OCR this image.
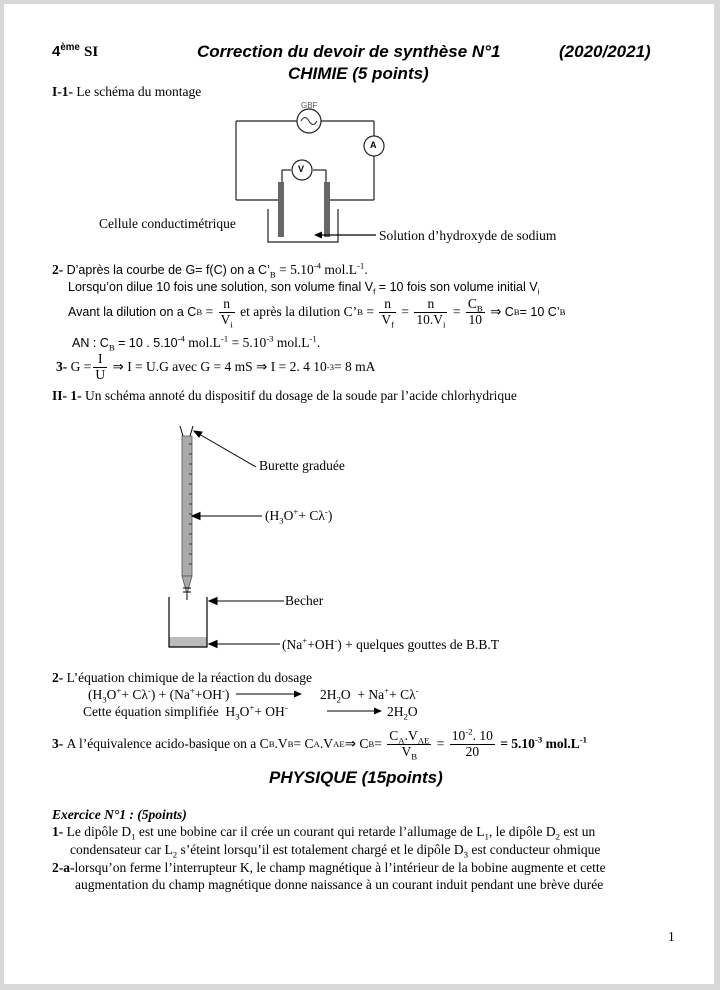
4ème SI	Correction du devoir de synthèse N°1	(2020/2021)
CHIMIE (5 points)
I-1- Le schéma du montage
GBF
A
V
Cellule conductimétrique
Solution d’hydroxyde de sodium
2- D’après la courbe de G= f(C) on a $C’_B = 5.10^{-4}$ $mol.L^{-1}$.
Lorsqu’on dilue 10 fois une solution, son volume final $V_f = 10$ fois son volume initial $V_i$
Avant la dilution on a C $B = \frac{n}{V_i}$
et après la dilution C’ $B = \frac{n}{V_f} = \frac{n}{10.V_i} = \frac{C_B}{10}$ ⇒ C B = 10 C’ B
AN : $C_B = 10$ . $5.10^{-4}$ $mol.L^{-1} = 5.10^{-3}$ $mol.L^{-1}$.
3-
$G = \frac{I}{U}$ ⇒ I = U.G avec G = 4 mS ⇒ I = 2. 4 10 -3 = 8 mA
II- 1- Un schéma annoté du dispositif du dosage de la soude par l’acide chlorhydrique
Burette graduée
$(H_3O^++ C\lambda^-)$
Becher
(Na++OH-) + quelques gouttes de B.B.T
2- L’équation chimique de la réaction du dosage
$(H_3O^++ C\lambda^-) + (Na^++OH^-)$	$2H_2O + Na^++ C\lambda^-$
Cette équation simplifiée  $H_3O^++ OH^-$	$2H_2O$
3-
A l’équivalence acido-basique on a C B .V B = C A .V AE ⇒ C $B = \frac{C_A.V_{AE}}{V_B} = \frac{10^{-2}. 10}{20}$
= $5.10^{-3}$ $mol.L^{-1}$
PHYSIQUE (15points)
Exercice N°1 : (5points)
1- Le dipôle $D_1$ est une bobine car il crée un courant qui retarde l’allumage de $L_1$, le dipôle $D_2$ est un
condensateur car $L_2$ s’éteint lorsqu’il est totalement chargé et le dipôle $D_3$ est conducteur ohmique
2-a-lorsqu’on ferme l’interrupteur K, le champ magnétique à l’intérieur de la bobine augmente et cette
augmentation du champ magnétique donne naissance à un courant induit pendant une brève durée
1
